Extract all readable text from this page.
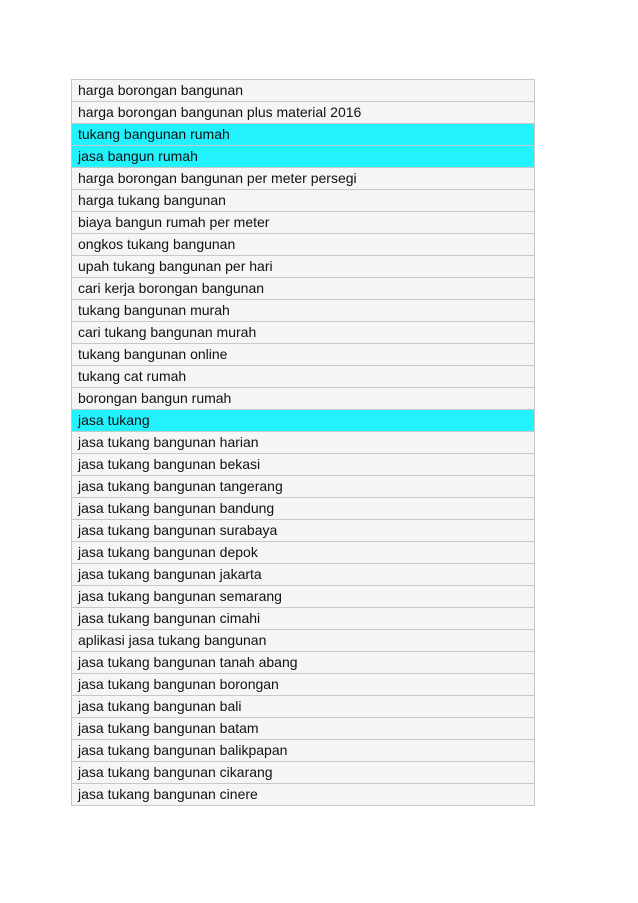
harga borongan bangunan
harga borongan bangunan plus material 2016
tukang bangunan rumah
jasa bangun rumah
harga borongan bangunan per meter persegi
harga tukang bangunan
biaya bangun rumah per meter
ongkos tukang bangunan
upah tukang bangunan per hari
cari kerja borongan bangunan
tukang bangunan murah
cari tukang bangunan murah
tukang bangunan online
tukang cat rumah
borongan bangun rumah
jasa tukang
jasa tukang bangunan harian
jasa tukang bangunan bekasi
jasa tukang bangunan tangerang
jasa tukang bangunan bandung
jasa tukang bangunan surabaya
jasa tukang bangunan depok
jasa tukang bangunan jakarta
jasa tukang bangunan semarang
jasa tukang bangunan cimahi
aplikasi jasa tukang bangunan
jasa tukang bangunan tanah abang
jasa tukang bangunan borongan
jasa tukang bangunan bali
jasa tukang bangunan batam
jasa tukang bangunan balikpapan
jasa tukang bangunan cikarang
jasa tukang bangunan cinere
